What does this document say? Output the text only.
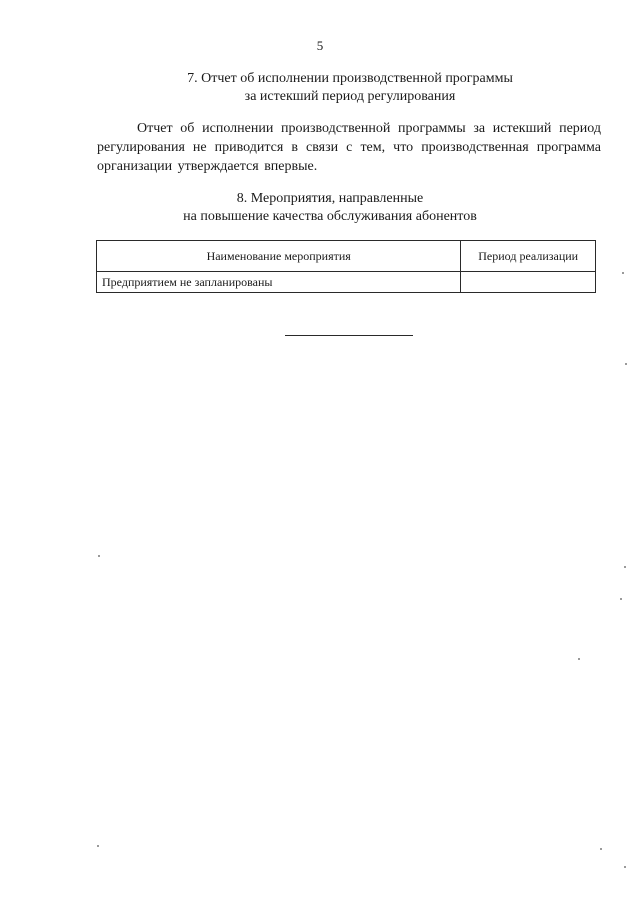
5
7. Отчет об исполнении производственной программы
за истекший период регулирования
Отчет об исполнении производственной программы за истекший период регулирования не приводится в связи с тем, что производственная программа организации утверждается впервые.
8. Мероприятия, направленные
на повышение качества обслуживания абонентов
Наименование мероприятия	Период реализации
Предприятием не запланированы	
